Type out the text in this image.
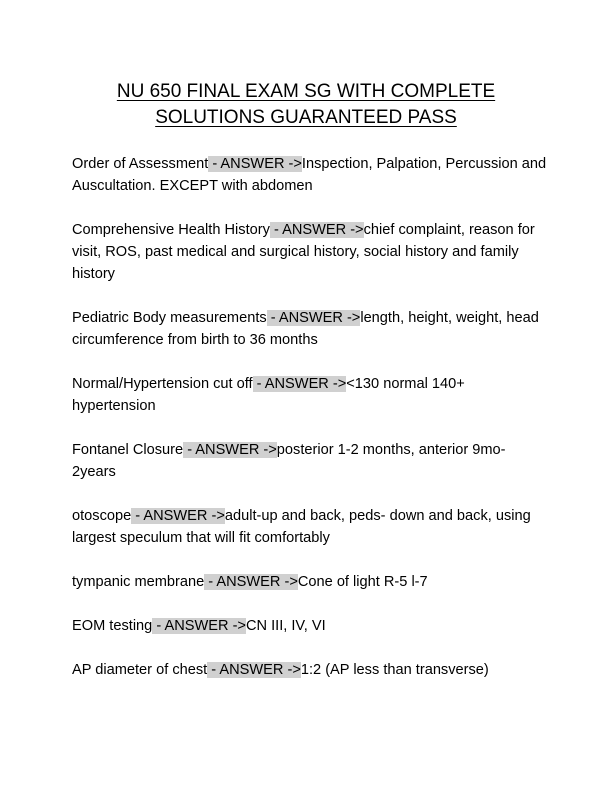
NU 650 FINAL EXAM SG WITH COMPLETE
SOLUTIONS GUARANTEED PASS

Order of Assessment - ANSWER ->Inspection, Palpation, Percussion and Auscultation. EXCEPT with abdomen

Comprehensive Health History - ANSWER ->chief complaint, reason for visit, ROS, past medical and surgical history, social history and family history

Pediatric Body measurements - ANSWER ->length, height, weight, head circumference from birth to 36 months

Normal/Hypertension cut off - ANSWER -><130 normal 140+ hypertension

Fontanel Closure - ANSWER ->posterior 1-2 months, anterior 9mo-2years

otoscope - ANSWER ->adult-up and back, peds- down and back, using largest speculum that will fit comfortably

tympanic membrane - ANSWER ->Cone of light R-5 l-7

EOM testing - ANSWER ->CN III, IV, VI

AP diameter of chest - ANSWER ->1:2 (AP less than transverse)
